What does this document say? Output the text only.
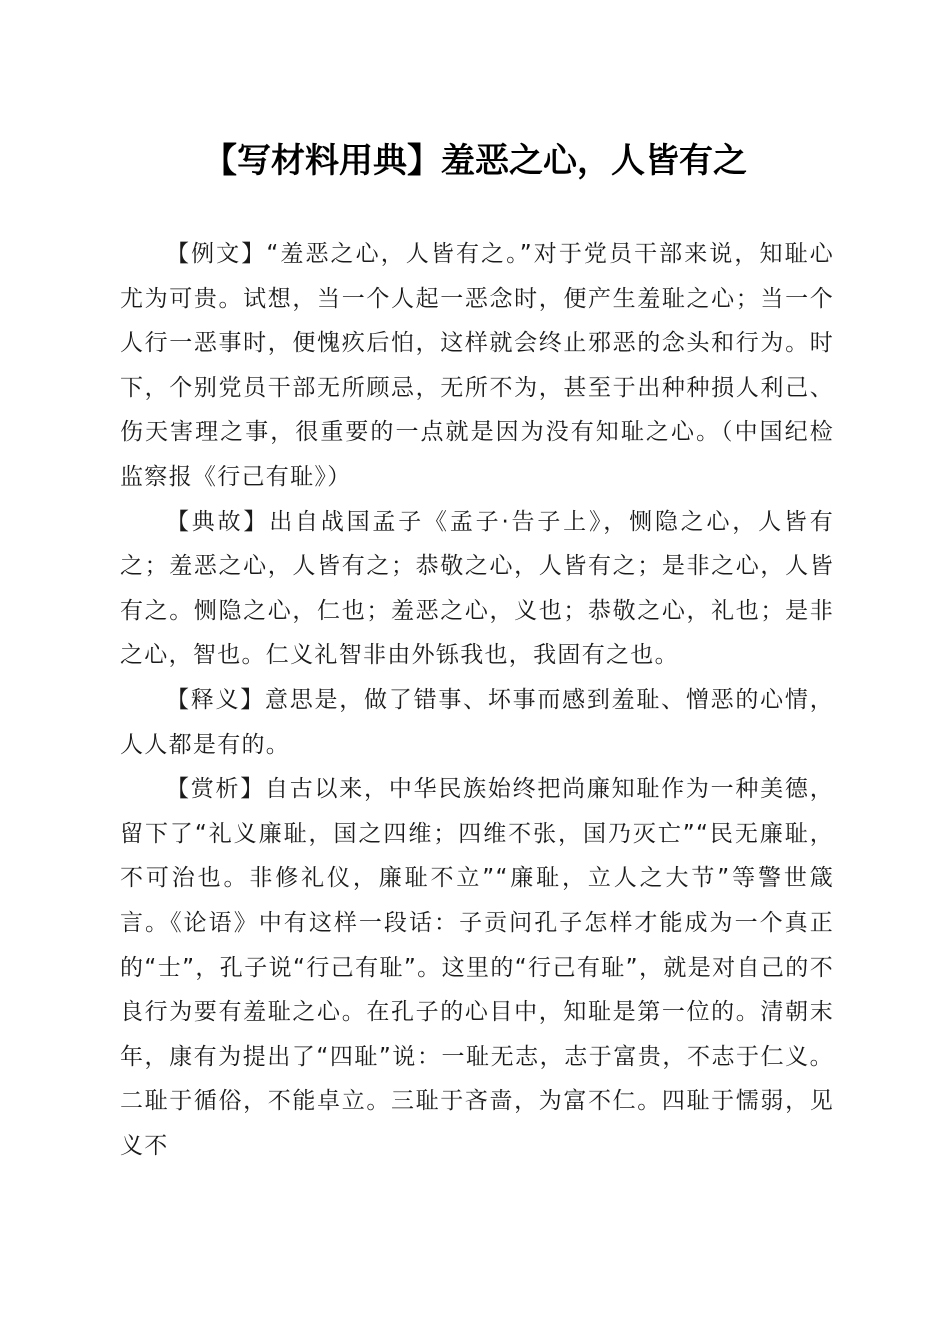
【写材料用典】羞恶之心，人皆有之

【例文】“羞恶之心，人皆有之。”对于党员干部来说，知耻心尤为可贵。试想，当一个人起一恶念时，便产生羞耻之心；当一个人行一恶事时，便愧疚后怕，这样就会终止邪恶的念头和行为。时下，个别党员干部无所顾忌，无所不为，甚至于出种种损人利己、伤天害理之事，很重要的一点就是因为没有知耻之心。（中国纪检监察报《行己有耻》）

【典故】出自战国孟子《孟子·告子上》，恻隐之心，人皆有之；羞恶之心，人皆有之；恭敬之心，人皆有之；是非之心，人皆有之。恻隐之心，仁也；羞恶之心，义也；恭敬之心，礼也；是非之心，智也。仁义礼智非由外铄我也，我固有之也。

【释义】意思是，做了错事、坏事而感到羞耻、憎恶的心情，人人都是有的。

【赏析】自古以来，中华民族始终把尚廉知耻作为一种美德，留下了“礼义廉耻，国之四维；四维不张，国乃灭亡”“民无廉耻，不可治也。非修礼仪，廉耻不立”“廉耻，立人之大节”等警世箴言。《论语》中有这样一段话：子贡问孔子怎样才能成为一个真正的“士”，孔子说“行己有耻”。这里的“行己有耻”，就是对自己的不良行为要有羞耻之心。在孔子的心目中，知耻是第一位的。清朝末年，康有为提出了“四耻”说：一耻无志，志于富贵，不志于仁义。二耻于循俗，不能卓立。三耻于吝啬，为富不仁。四耻于懦弱，见义不
